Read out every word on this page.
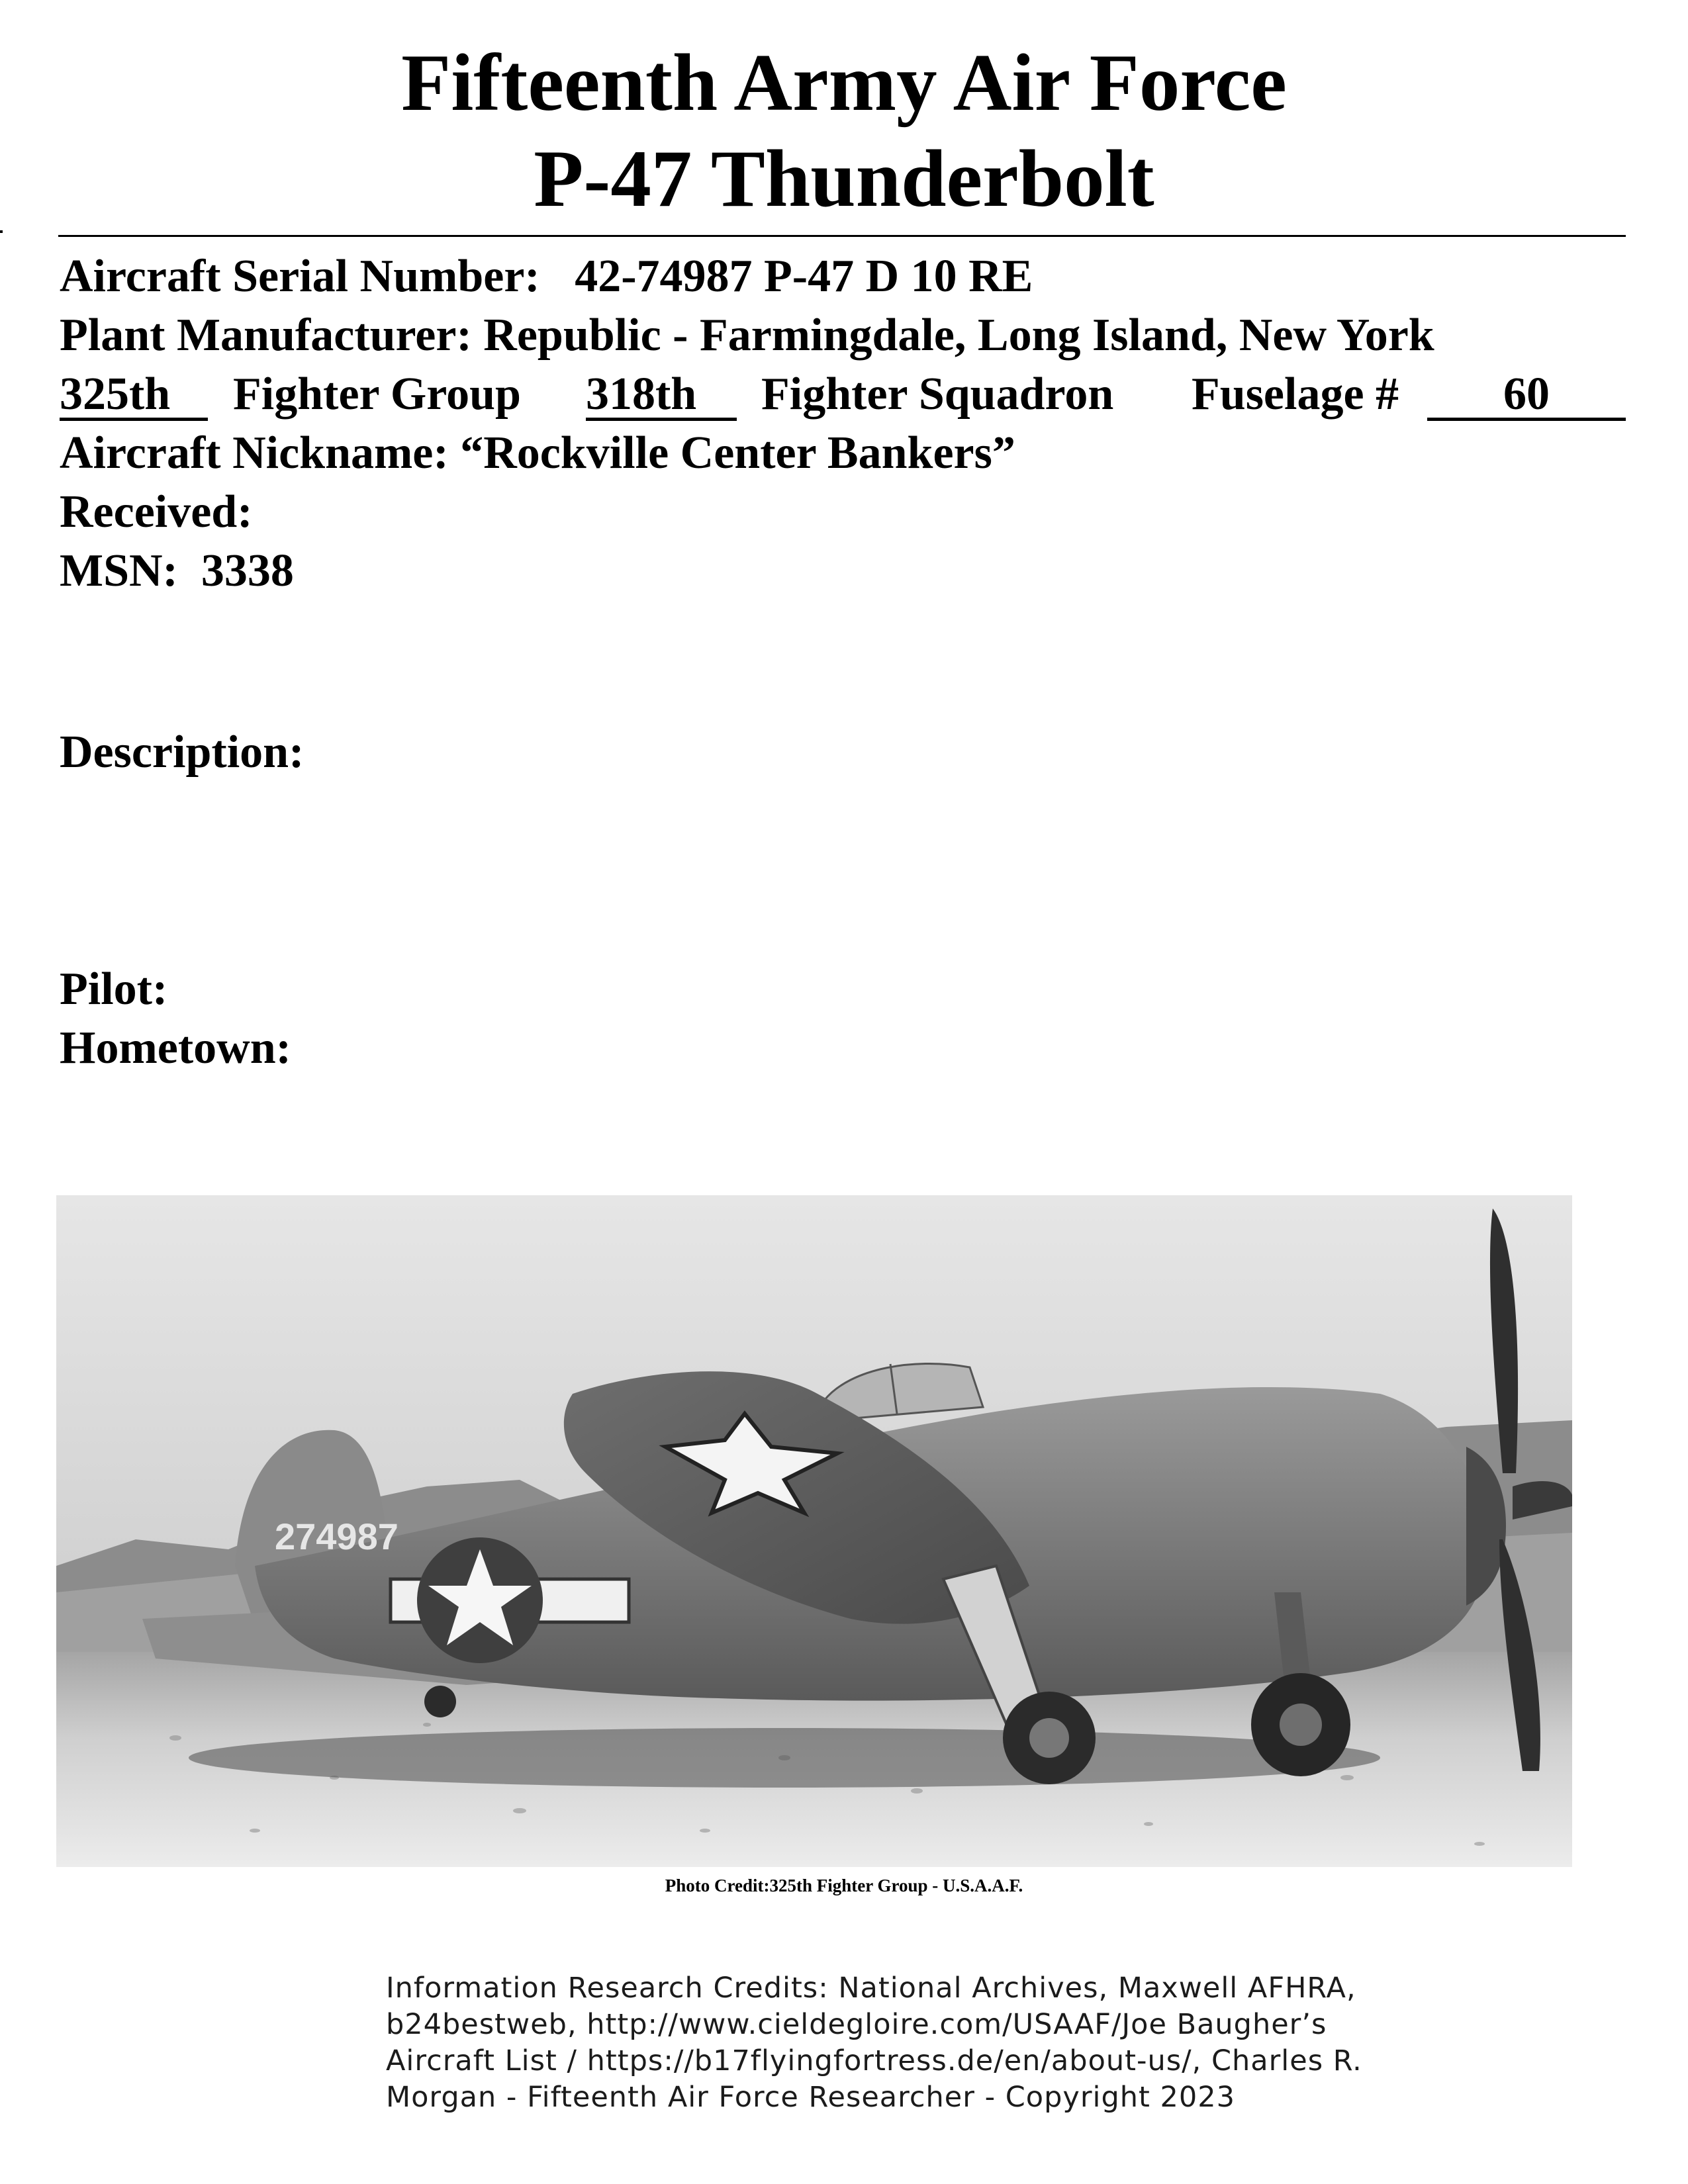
Fifteenth Army Air Force
P-47 Thunderbolt
Aircraft Serial Number: 42-74987 P-47 D 10 RE
Plant Manufacturer: Republic - Farmingdale, Long Island, New York

325th

	Fighter Group

318th

	Fighter Squadron

Fuselage #

	60

Aircraft Nickname: “Rockville Center Bankers”
Received:
MSN: 3338
Description:
Pilot:
Hometown:
274987
Photo Credit:325th Fighter Group - U.S.A.A.F.
Information Research Credits: National Archives, Maxwell AFHRA, b24bestweb, http://www.cieldegloire.com/USAAF/Joe Baugher’s Aircraft List / https://b17flyingfortress.de/en/about-us/, Charles R. Morgan - Fifteenth Air Force Researcher - Copyright 2023
